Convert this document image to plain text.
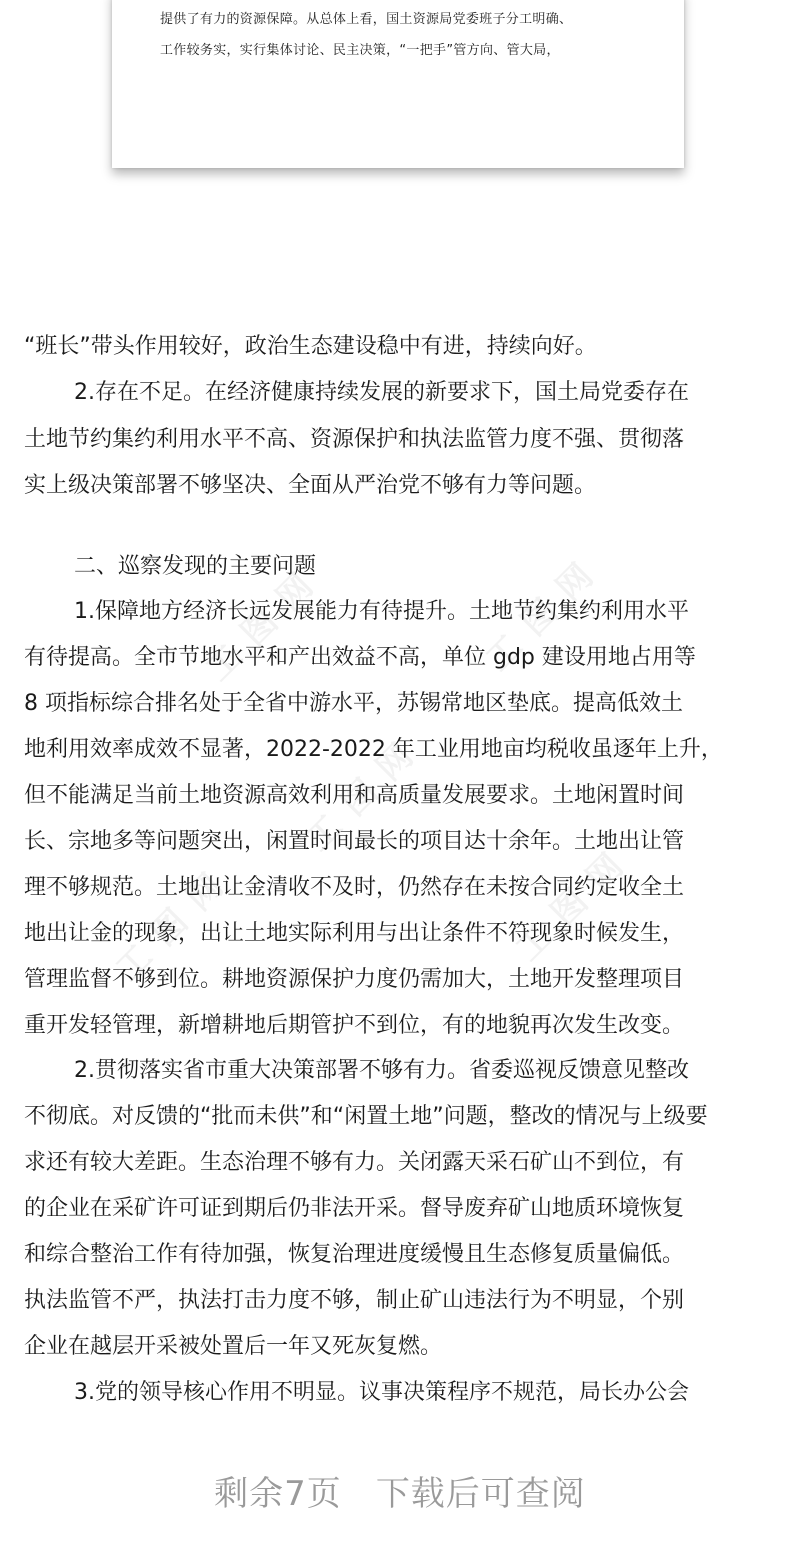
提供了有力的资源保障。从总体上看，国土资源局党委班子分工明确、
工作较务实，实行集体讨论、民主决策，“一把手”管方向、管大局，
工 图 网	工 图 网
工 图 网
工 图 网	工 图 网
“班长”带头作用较好，政治生态建设稳中有进，持续向好。
2.存在不足。在经济健康持续发展的新要求下，国土局党委存在
土地节约集约利用水平不高、资源保护和执法监管力度不强、贯彻落
实上级决策部署不够坚决、全面从严治党不够有力等问题。
二、巡察发现的主要问题
1.保障地方经济长远发展能力有待提升。土地节约集约利用水平
有待提高。全市节地水平和产出效益不高，单位 gdp 建设用地占用等
8 项指标综合排名处于全省中游水平，苏锡常地区垫底。提高低效土
地利用效率成效不显著，2022-2022 年工业用地亩均税收虽逐年上升，
但不能满足当前土地资源高效利用和高质量发展要求。土地闲置时间
长、宗地多等问题突出，闲置时间最长的项目达十余年。土地出让管
理不够规范。土地出让金清收不及时，仍然存在未按合同约定收全土
地出让金的现象，出让土地实际利用与出让条件不符现象时候发生，
管理监督不够到位。耕地资源保护力度仍需加大，土地开发整理项目
重开发轻管理，新增耕地后期管护不到位，有的地貌再次发生改变。
2.贯彻落实省市重大决策部署不够有力。省委巡视反馈意见整改
不彻底。对反馈的“批而未供”和“闲置土地”问题，整改的情况与上级要
求还有较大差距。生态治理不够有力。关闭露天采石矿山不到位，有
的企业在采矿许可证到期后仍非法开采。督导废弃矿山地质环境恢复
和综合整治工作有待加强，恢复治理进度缓慢且生态修复质量偏低。
执法监管不严，执法打击力度不够，制止矿山违法行为不明显，个别
企业在越层开采被处置后一年又死灰复燃。
3.党的领导核心作用不明显。议事决策程序不规范，局长办公会
剩余7页 下载后可查阅
